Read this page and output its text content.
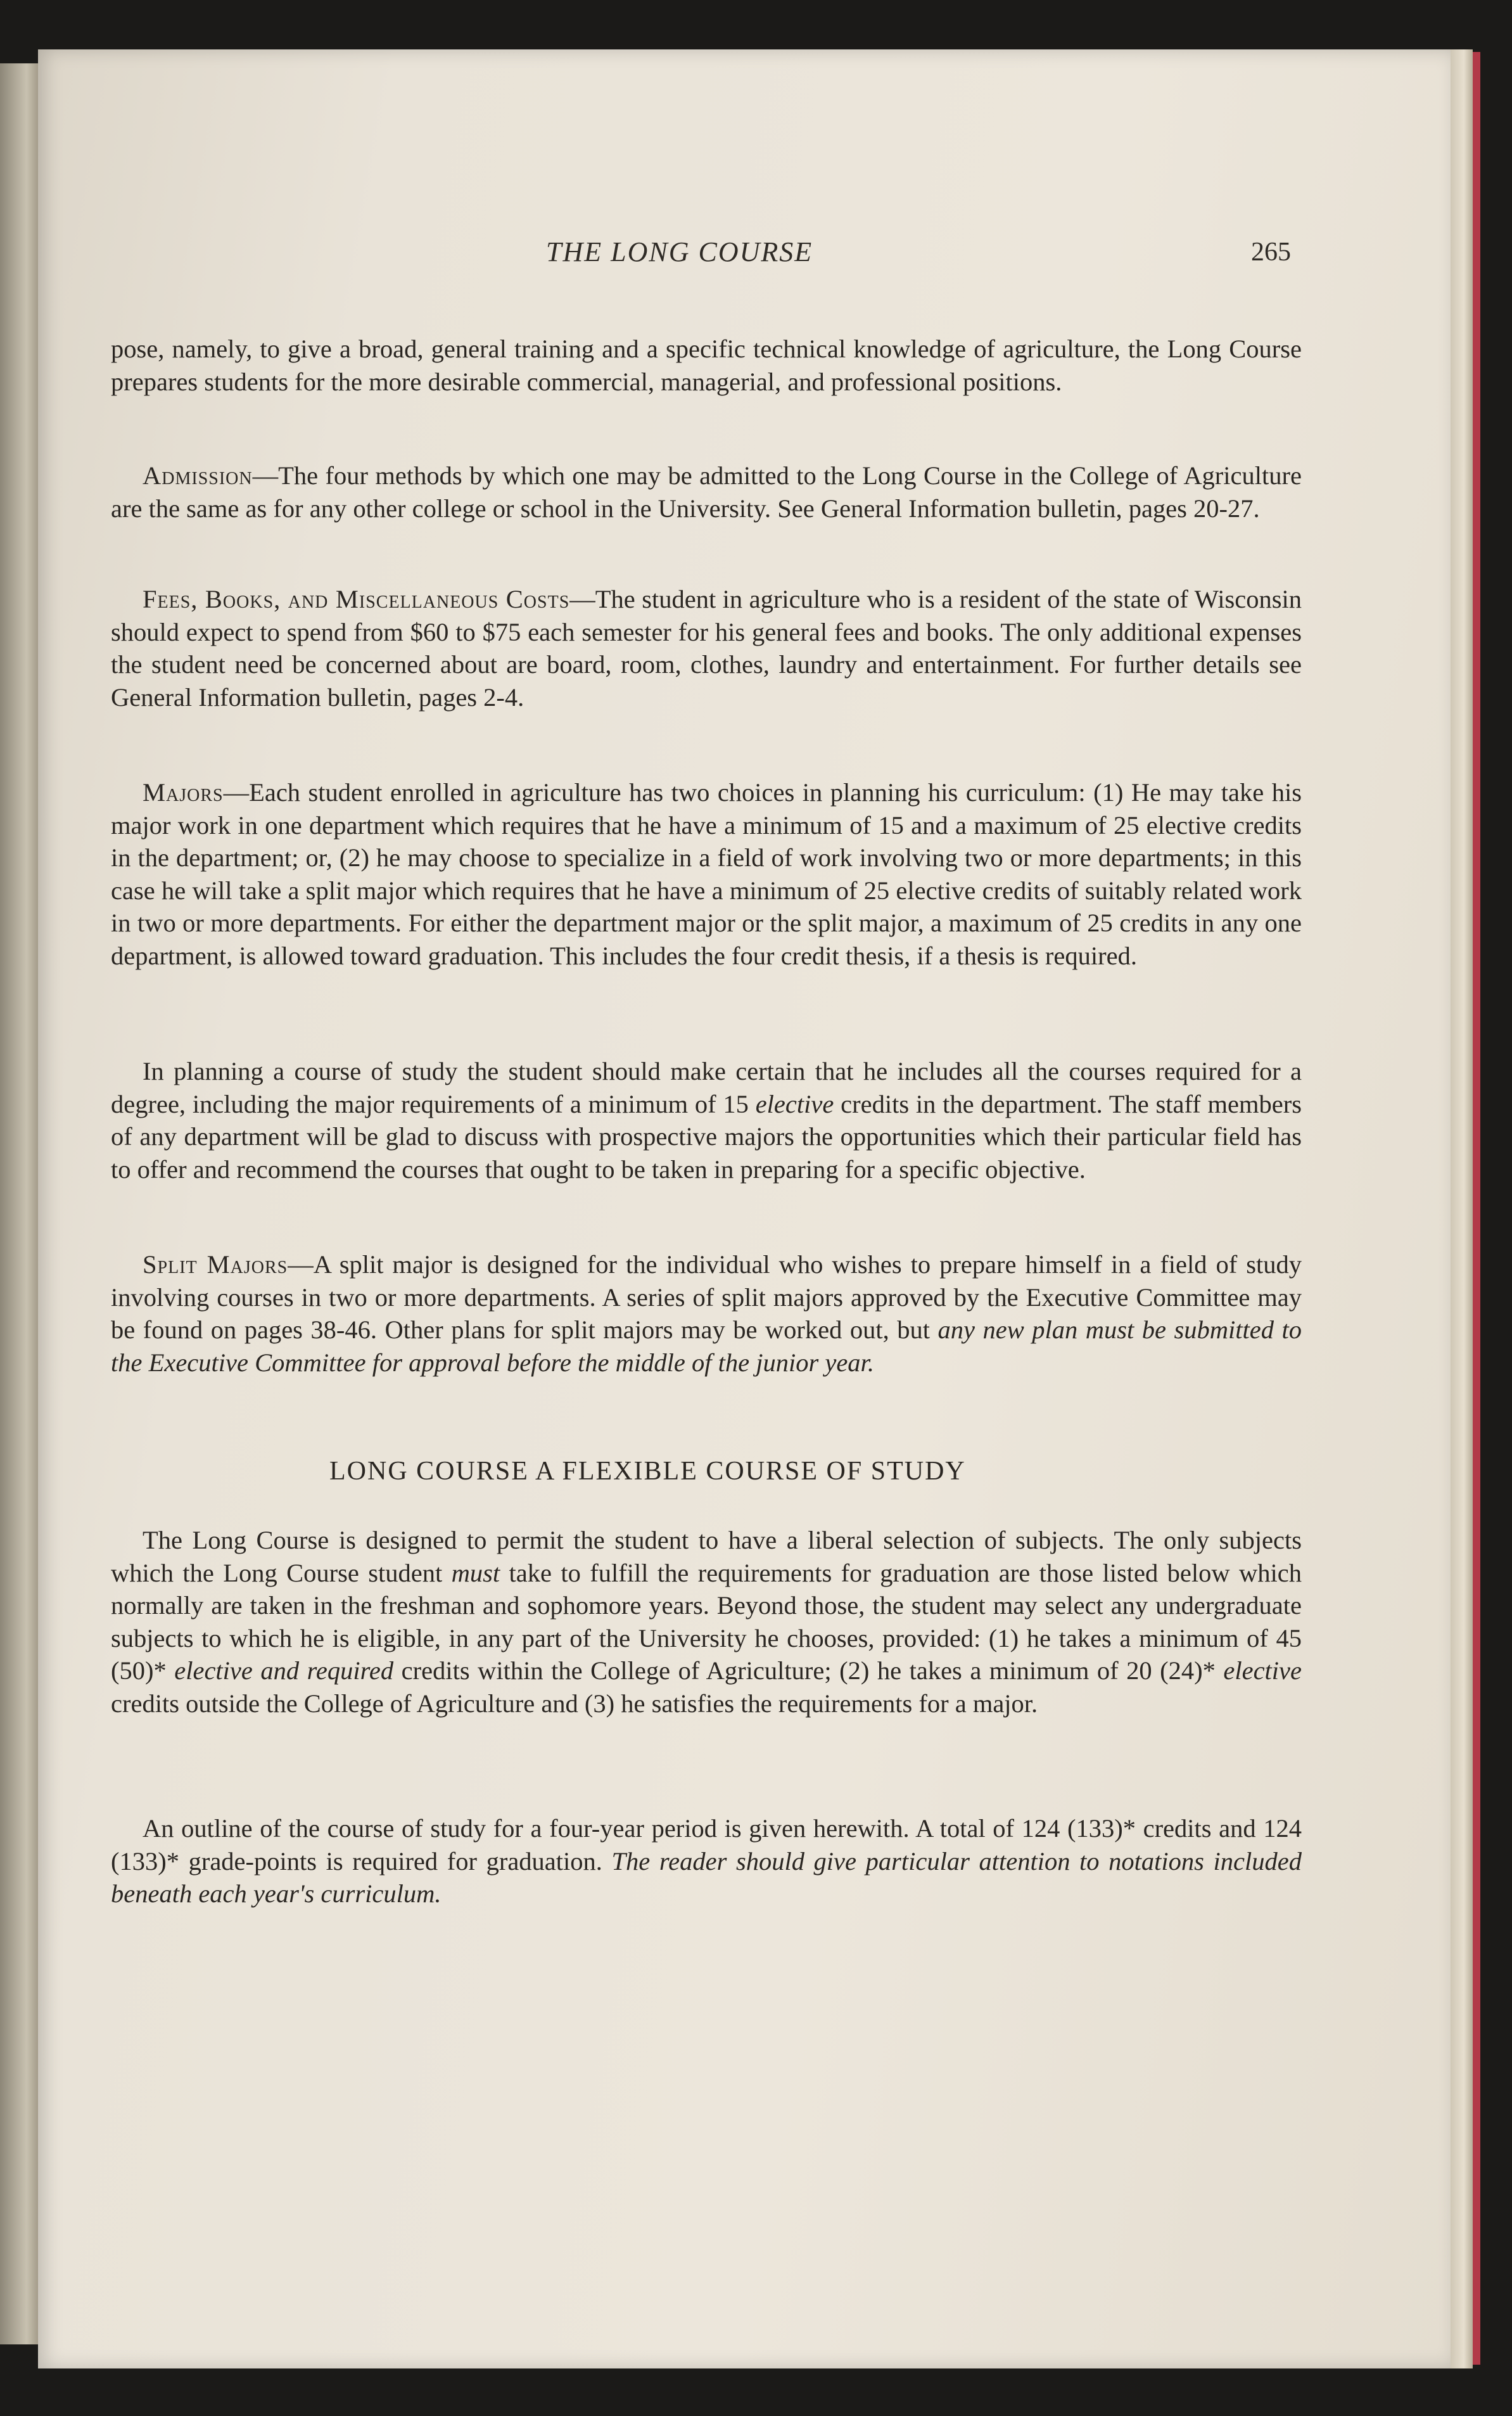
THE LONG COURSE	265

pose, namely, to give a broad, general training and a specific technical knowledge of agriculture, the Long Course prepares students for the more desirable commercial, managerial, and professional positions.

Admission—The four methods by which one may be admitted to the Long Course in the College of Agriculture are the same as for any other college or school in the University. See General Information bulletin, pages 20-27.

Fees, Books, and Miscellaneous Costs—The student in agriculture who is a resident of the state of Wisconsin should expect to spend from $60 to $75 each semester for his general fees and books. The only additional expenses the student need be concerned about are board, room, clothes, laundry and entertainment. For further details see General Information bulletin, pages 2-4.

Majors—Each student enrolled in agriculture has two choices in planning his curriculum: (1) He may take his major work in one department which requires that he have a minimum of 15 and a maximum of 25 elective credits in the department; or, (2) he may choose to specialize in a field of work involving two or more departments; in this case he will take a split major which requires that he have a minimum of 25 elective credits of suitably related work in two or more departments. For either the department major or the split major, a maximum of 25 credits in any one department, is allowed toward graduation. This includes the four credit thesis, if a thesis is required.

In planning a course of study the student should make certain that he includes all the courses required for a degree, including the major requirements of a minimum of 15 elective credits in the department. The staff members of any department will be glad to discuss with prospective majors the opportunities which their particular field has to offer and recommend the courses that ought to be taken in preparing for a specific objective.

Split Majors—A split major is designed for the individual who wishes to prepare himself in a field of study involving courses in two or more departments. A series of split majors approved by the Executive Committee may be found on pages 38-46. Other plans for split majors may be worked out, but any new plan must be submitted to the Executive Committee for approval before the middle of the junior year.

LONG COURSE A FLEXIBLE COURSE OF STUDY

The Long Course is designed to permit the student to have a liberal selection of subjects. The only subjects which the Long Course student must take to fulfill the requirements for graduation are those listed below which normally are taken in the freshman and sophomore years. Beyond those, the student may select any undergraduate subjects to which he is eligible, in any part of the University he chooses, provided: (1) he takes a minimum of 45 (50)* elective and required credits within the College of Agriculture; (2) he takes a minimum of 20 (24)* elective credits outside the College of Agriculture and (3) he satisfies the requirements for a major.

An outline of the course of study for a four-year period is given herewith. A total of 124 (133)* credits and 124 (133)* grade-points is required for graduation. The reader should give particular attention to notations included beneath each year's curriculum.
